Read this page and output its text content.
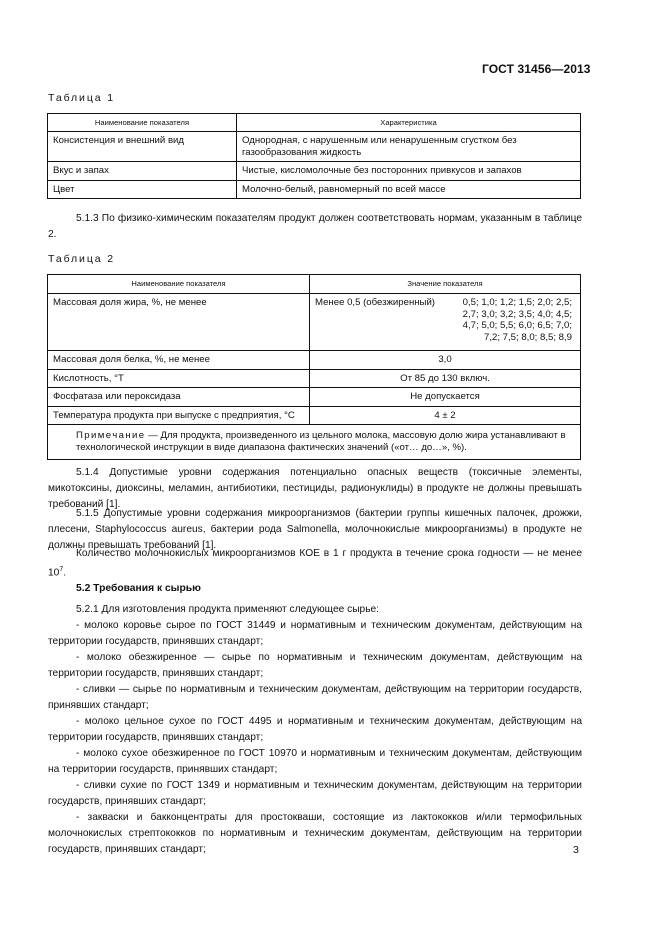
ГОСТ 31456—2013
Таблица 1
Наименование показателя	Характеристика
Консистенция и внешний вид	Однородная, с нарушенным или ненарушенным сгустком без газообразования жидкость
Вкус и запах	Чистые, кисломолочные без посторонних привкусов и запахов
Цвет	Молочно-белый, равномерный по всей массе
5.1.3 По физико-химическим показателям продукт должен соответствовать нормам, указанным в таблице 2.
Таблица 2
Наименование показателя	Значение показателя	
Массовая доля жира, %, не менее	Менее 0,5 (обезжиренный)	0,5; 1,0; 1,2; 1,5; 2,0; 2,5;
2,7; 3,0; 3,2; 3,5; 4,0; 4,5;
4,7; 5,0; 5,5; 6,0; 6,5; 7,0;
7,2; 7,5; 8,0; 8,5; 8,9

Массовая доля белка, %, не менее	3,0	
Кислотность, °Т	От 85 до 130 включ.	
Фосфатаза или пероксидаза	Не допускается	
Температура продукта при выпуске с предприятия, °С	4 ± 2	
Примечание — Для продукта, произведенного из цельного молока, массовую долю жира устанавливают в технологической инструкции в виде диапазона фактических значений («от… до…», %).		
5.1.4 Допустимые уровни содержания потенциально опасных веществ (токсичные элементы, микотоксины, диоксины, меламин, антибиотики, пестициды, радионуклиды) в продукте не должны превышать требований [1].
5.1.5 Допустимые уровни содержания микроорганизмов (бактерии группы кишечных палочек, дрожжи, плесени, Staphylococcus aureus, бактерии рода Salmonella, молочнокислые микроорганизмы) в продукте не должны превышать требований [1].
Количество молочнокислых микроорганизмов КОЕ в 1 г продукта в течение срока годности — не менее $10^7$.
5.2 Требования к сырью
5.2.1 Для изготовления продукта применяют следующее сырье:
- молоко коровье сырое по ГОСТ 31449 и нормативным и техническим документам, действующим на территории государств, принявших стандарт;
- молоко обезжиренное — сырье по нормативным и техническим документам, действующим на территории государств, принявших стандарт;
- сливки — сырье по нормативным и техническим документам, действующим на территории государств, принявших стандарт;
- молоко цельное сухое по ГОСТ 4495 и нормативным и техническим документам, действующим на территории государств, принявших стандарт;
- молоко сухое обезжиренное по ГОСТ 10970 и нормативным и техническим документам, действующим на территории государств, принявших стандарт;
- сливки сухие по ГОСТ 1349 и нормативным и техническим документам, действующим на территории государств, принявших стандарт;
- закваски и бакконцентраты для простокваши, состоящие из лактококков и/или термофильных молочнокислых стрептококков по нормативным и техническим документам, действующим на территории государств, принявших стандарт;	3
